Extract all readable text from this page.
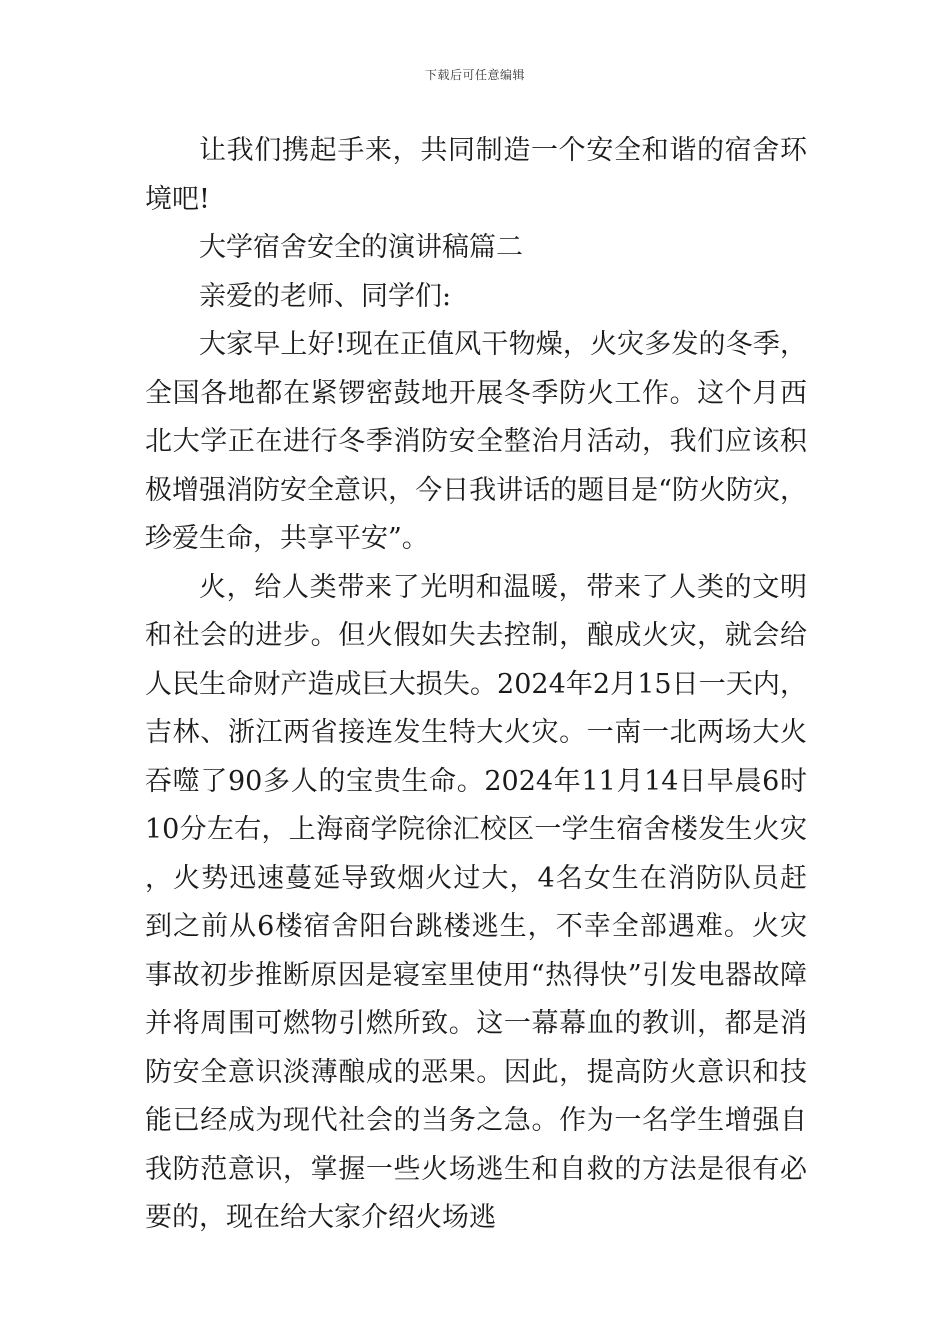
下载后可任意编辑

让我们携起手来，共同制造一个安全和谐的宿舍环境吧!

大学宿舍安全的演讲稿篇二

亲爱的老师、同学们:

大家早上好!现在正值风干物燥，火灾多发的冬季，全国各地都在紧锣密鼓地开展冬季防火工作。这个月西北大学正在进行冬季消防安全整治月活动，我们应该积极增强消防安全意识，今日我讲话的题目是“防火防灾，珍爱生命，共享平安”。

火，给人类带来了光明和温暖，带来了人类的文明和社会的进步。但火假如失去控制，酿成火灾，就会给人民生命财产造成巨大损失。2024年2月15日一天内，吉林、浙江两省接连发生特大火灾。一南一北两场大火吞噬了90多人的宝贵生命。2024年11月14日早晨6时10分左右，上海商学院徐汇校区一学生宿舍楼发生火灾，火势迅速蔓延导致烟火过大，4名女生在消防队员赶到之前从6楼宿舍阳台跳楼逃生，不幸全部遇难。火灾事故初步推断原因是寝室里使用“热得快”引发电器故障并将周围可燃物引燃所致。这一幕幕血的教训，都是消防安全意识淡薄酿成的恶果。因此，提高防火意识和技能已经成为现代社会的当务之急。作为一名学生增强自我防范意识，掌握一些火场逃生和自救的方法是很有必要的，现在给大家介绍火场逃
